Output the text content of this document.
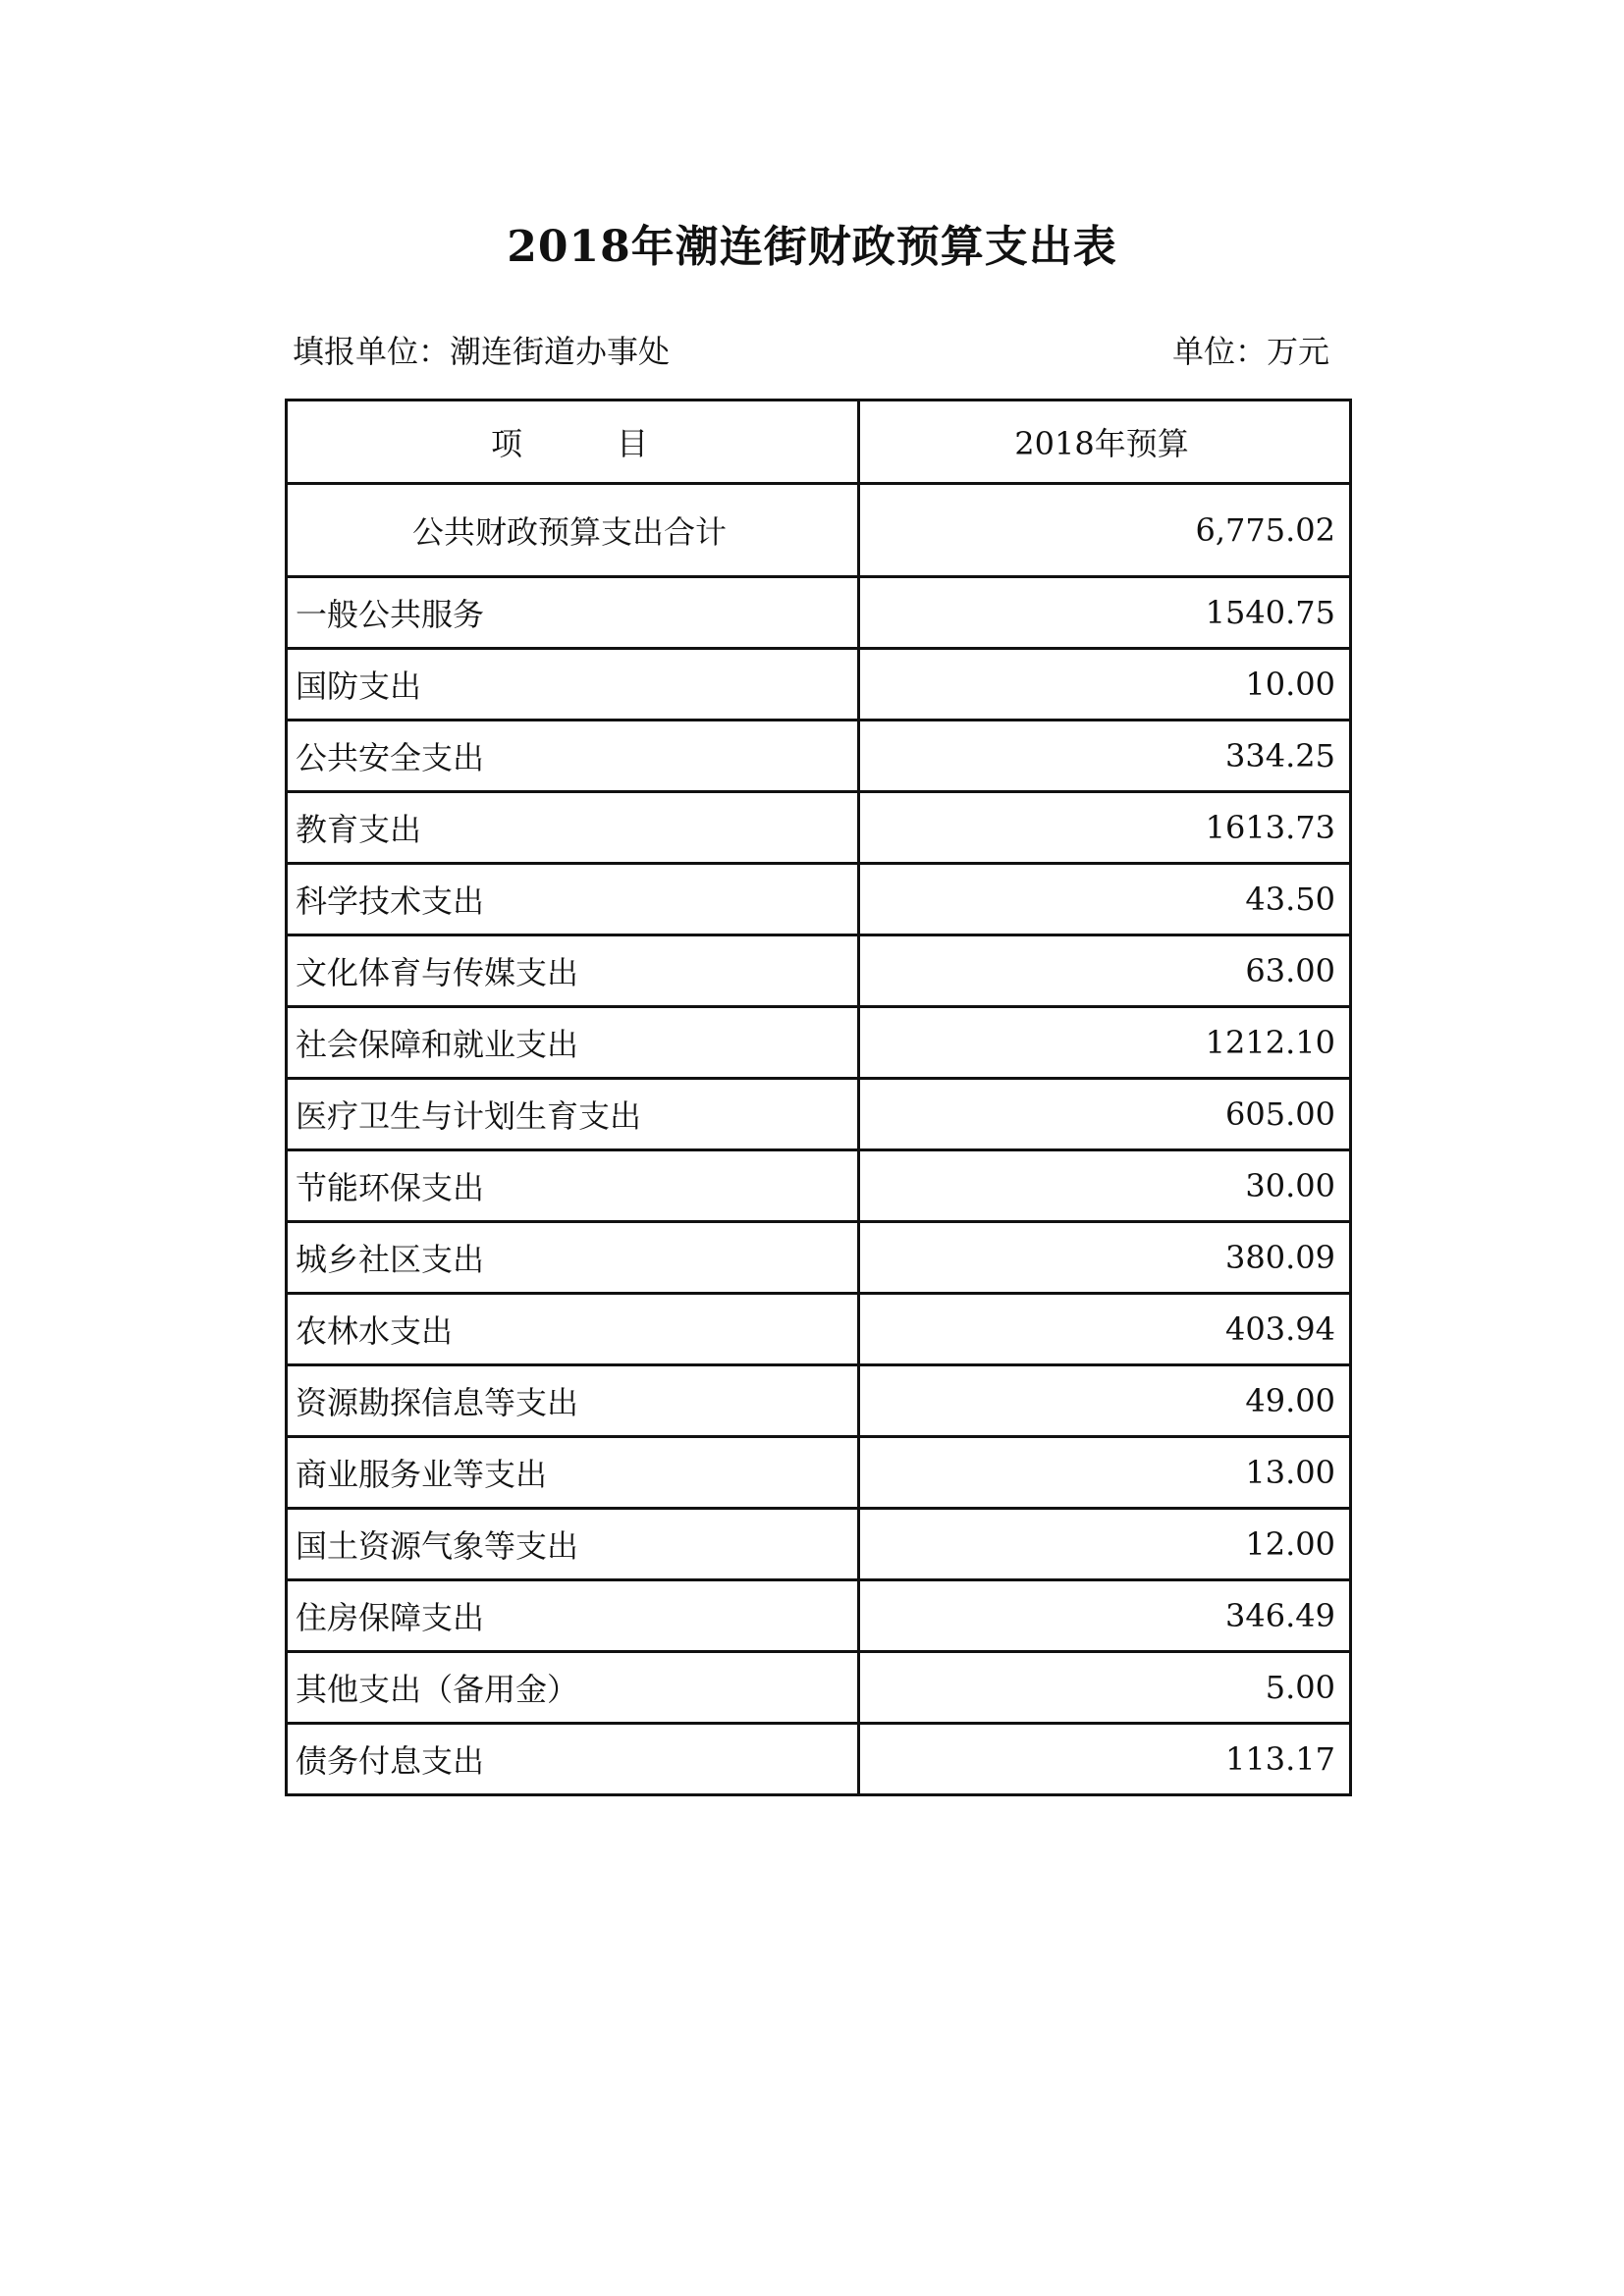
2018年潮连街财政预算支出表
填报单位：潮连街道办事处	单位：万元
项　　　目	2018年预算
公共财政预算支出合计	6,775.02
一般公共服务	1540.75
国防支出	10.00
公共安全支出	334.25
教育支出	1613.73
科学技术支出	43.50
文化体育与传媒支出	63.00
社会保障和就业支出	1212.10
医疗卫生与计划生育支出	605.00
节能环保支出	30.00
城乡社区支出	380.09
农林水支出	403.94
资源勘探信息等支出	49.00
商业服务业等支出	13.00
国土资源气象等支出	12.00
住房保障支出	346.49
其他支出（备用金）	5.00
债务付息支出	113.17
